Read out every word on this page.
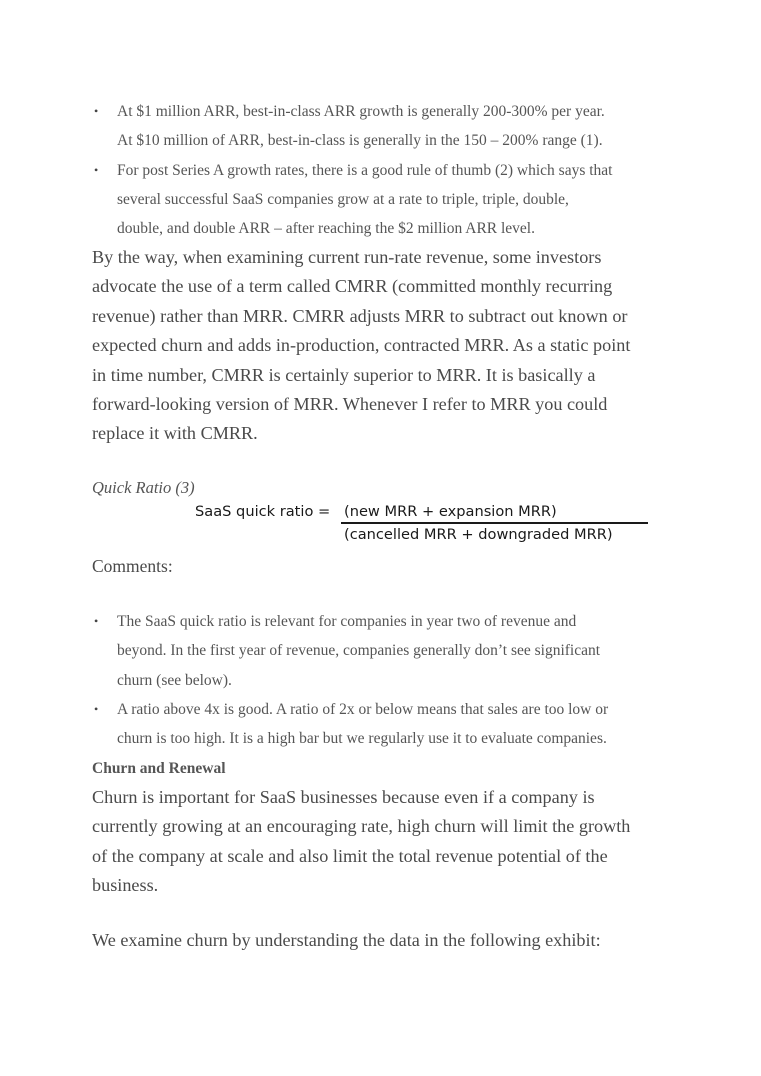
• At $1 million ARR, best-in-class ARR growth is generally 200-300% per year.
At $10 million of ARR, best-in-class is generally in the 150 – 200% range (1).
• For post Series A growth rates, there is a good rule of thumb (2) which says that
several successful SaaS companies grow at a rate to triple, triple, double,
double, and double ARR – after reaching the $2 million ARR level.

By the way, when examining current run-rate revenue, some investors
advocate the use of a term called CMRR (committed monthly recurring
revenue) rather than MRR. CMRR adjusts MRR to subtract out known or
expected churn and adds in-production, contracted MRR. As a static point
in time number, CMRR is certainly superior to MRR. It is basically a
forward-looking version of MRR. Whenever I refer to MRR you could
replace it with CMRR.

Quick Ratio (3)

SaaS quick ratio = (new MRR + expansion MRR)
(cancelled MRR + downgraded MRR)

Comments:

• The SaaS quick ratio is relevant for companies in year two of revenue and
beyond. In the first year of revenue, companies generally don’t see significant
churn (see below).
• A ratio above 4x is good. A ratio of 2x or below means that sales are too low or
churn is too high. It is a high bar but we regularly use it to evaluate companies.

Churn and Renewal

Churn is important for SaaS businesses because even if a company is
currently growing at an encouraging rate, high churn will limit the growth
of the company at scale and also limit the total revenue potential of the
business.

We examine churn by understanding the data in the following exhibit:
